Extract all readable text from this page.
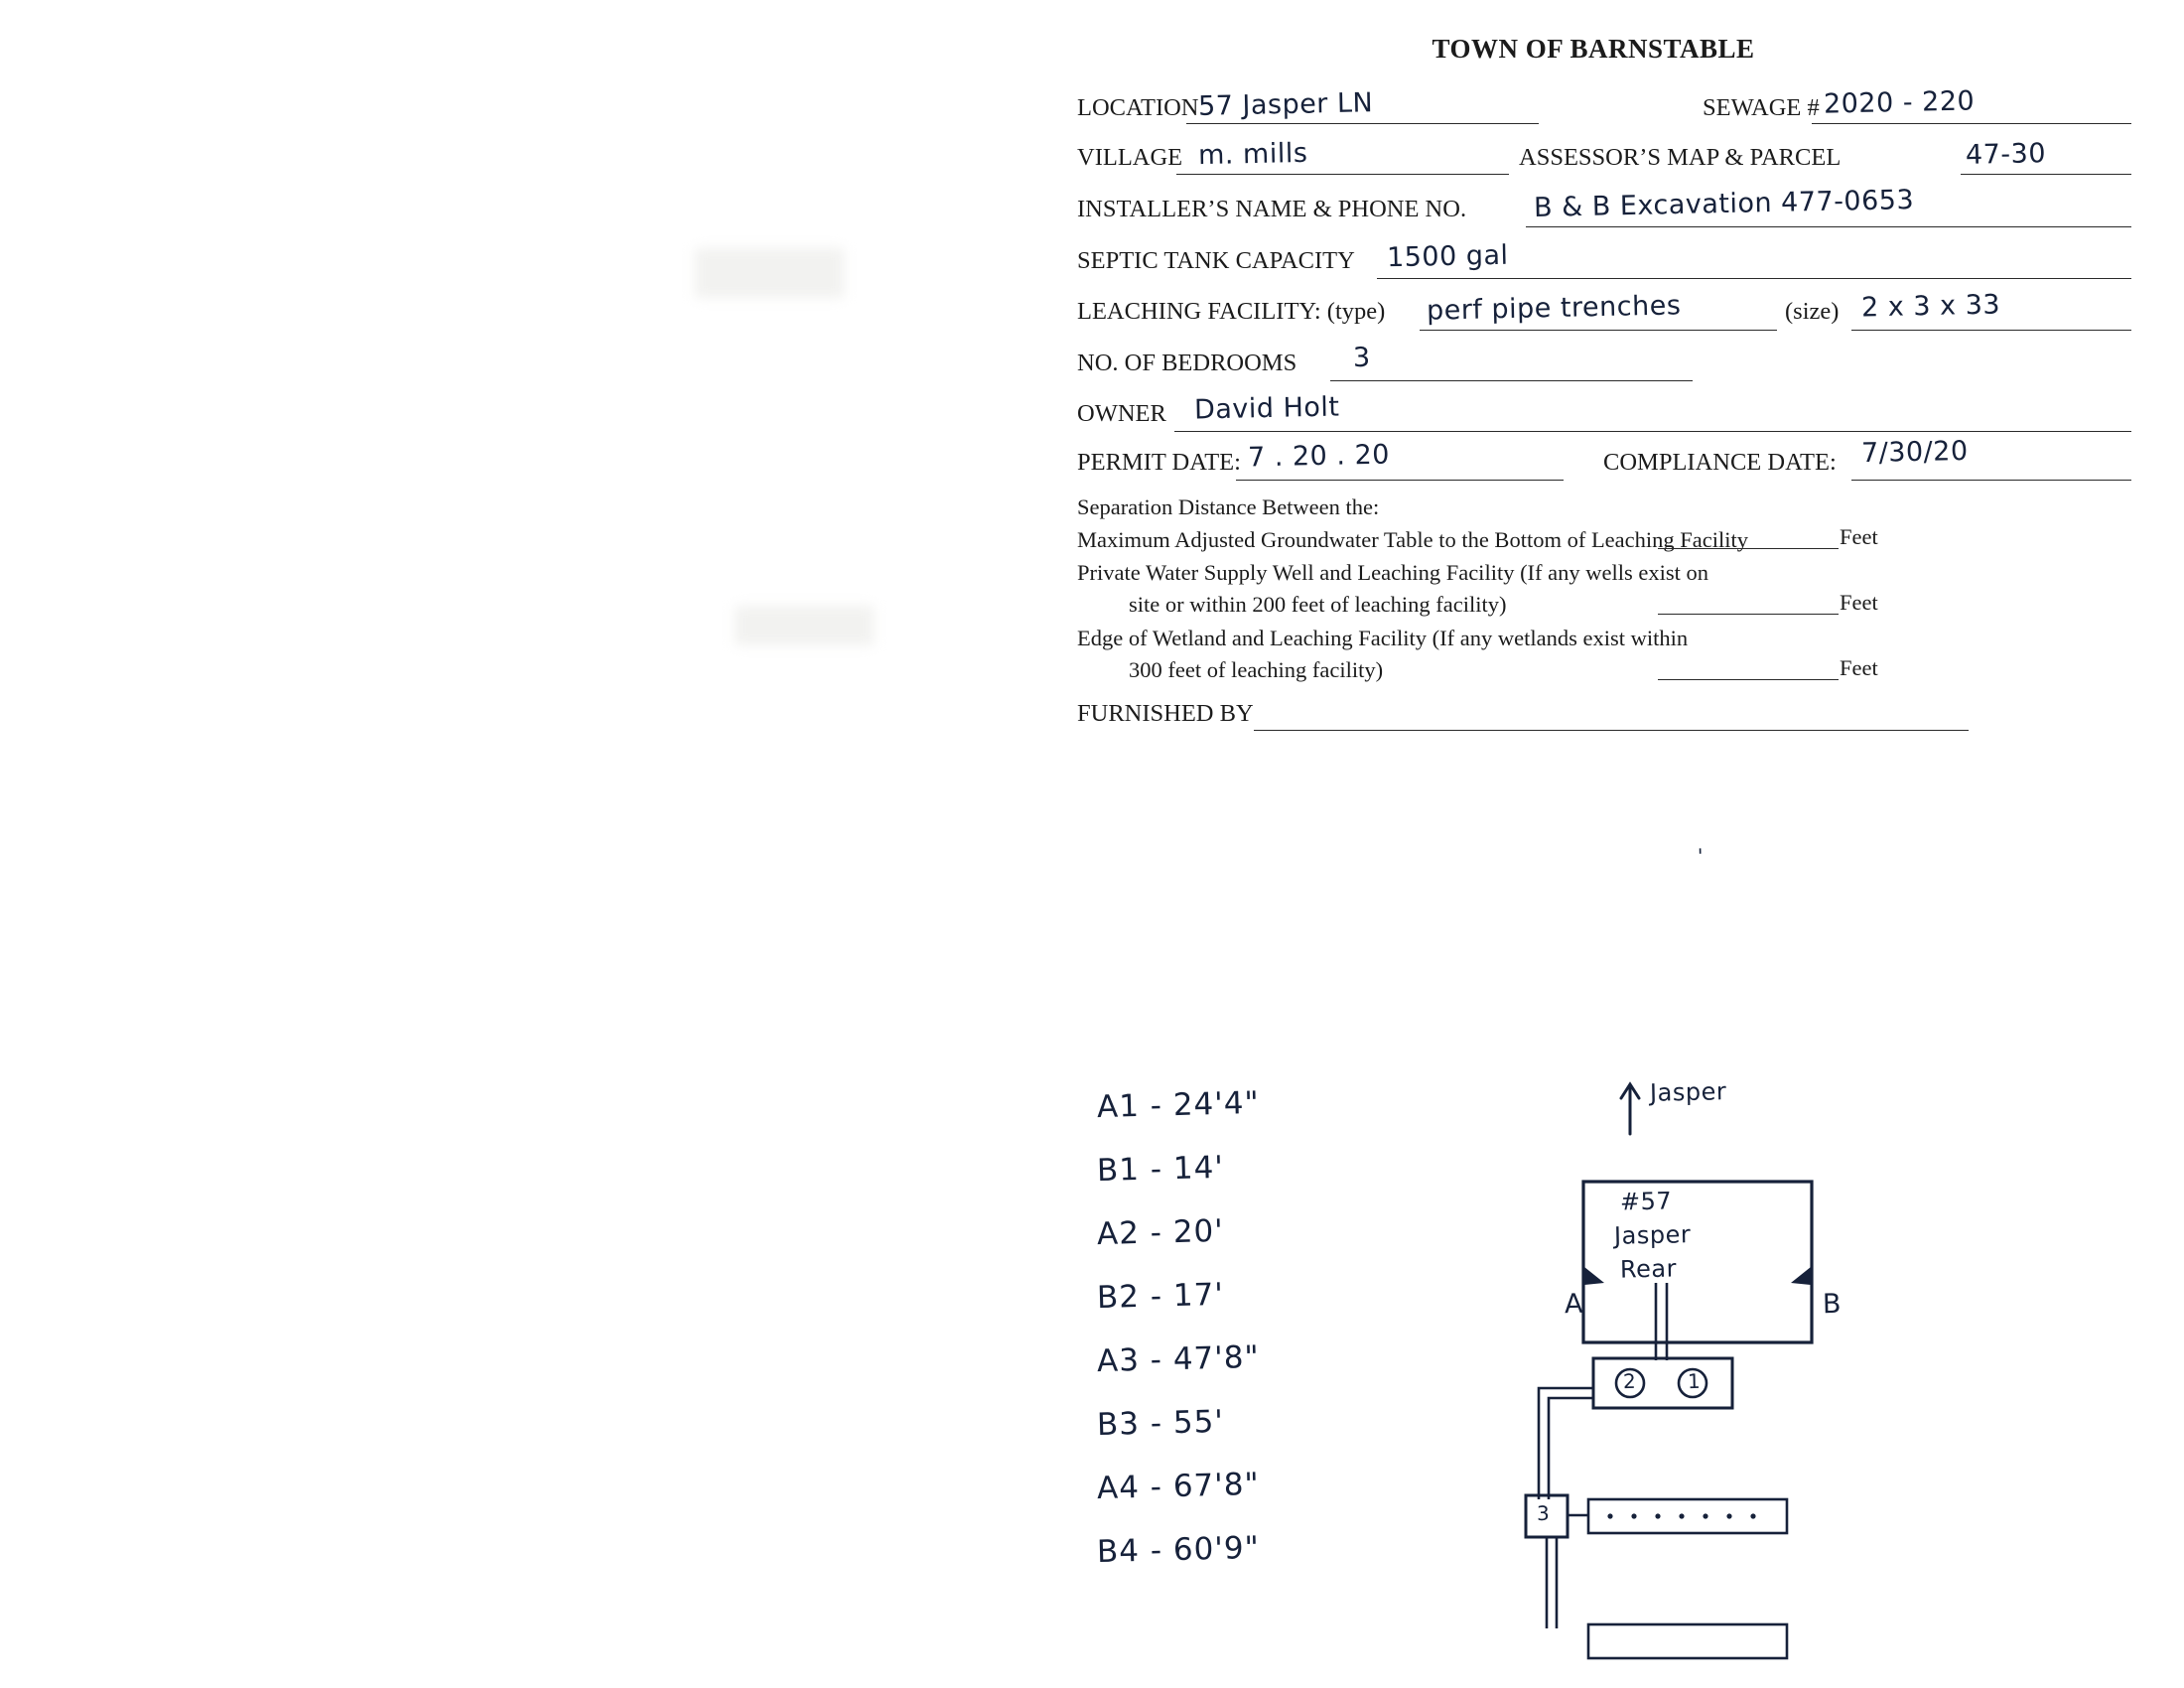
TOWN OF BARNSTABLE
LOCATION 57 Jasper LN	SEWAGE # 2020 - 220
VILLAGE m. mills	ASSESSOR’S MAP & PARCEL	47-30
INSTALLER’S NAME & PHONE NO.	B & B Excavation 477-0653
SEPTIC TANK CAPACITY 1500 gal
LEACHING FACILITY: (type) perf pipe trenches	(size) 2 x 3 x 33
NO. OF BEDROOMS 3
OWNER David Holt
PERMIT DATE: 7 . 20 . 20	COMPLIANCE DATE: 7/30/20
Separation Distance Between the:
Maximum Adjusted Groundwater Table to the Bottom of Leaching Facility	Feet
Private Water Supply Well and Leaching Facility (If any wells exist on
site or within 200 feet of leaching facility)	Feet
Edge of Wetland and Leaching Facility (If any wetlands exist within
300 feet of leaching facility)	Feet
FURNISHED BY
'
A1 - 24'4"
B1 - 14'
A2 - 20'
B2 - 17'
A3 - 47'8"
B3 - 55'
A4 - 67'8"
B4 - 60'9"
Jasper
#57
Jasper
Rear
A	B
2	1
3
